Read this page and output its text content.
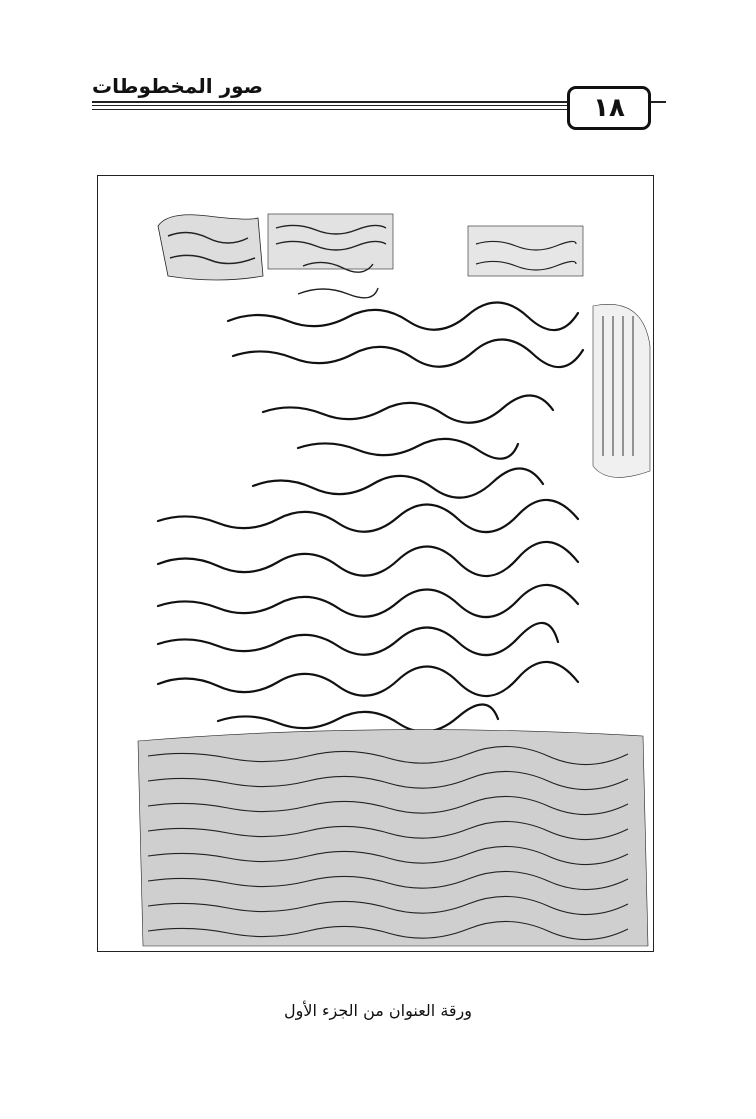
صور المخطوطات
١٨
ورقة العنوان من الجزء الأول
